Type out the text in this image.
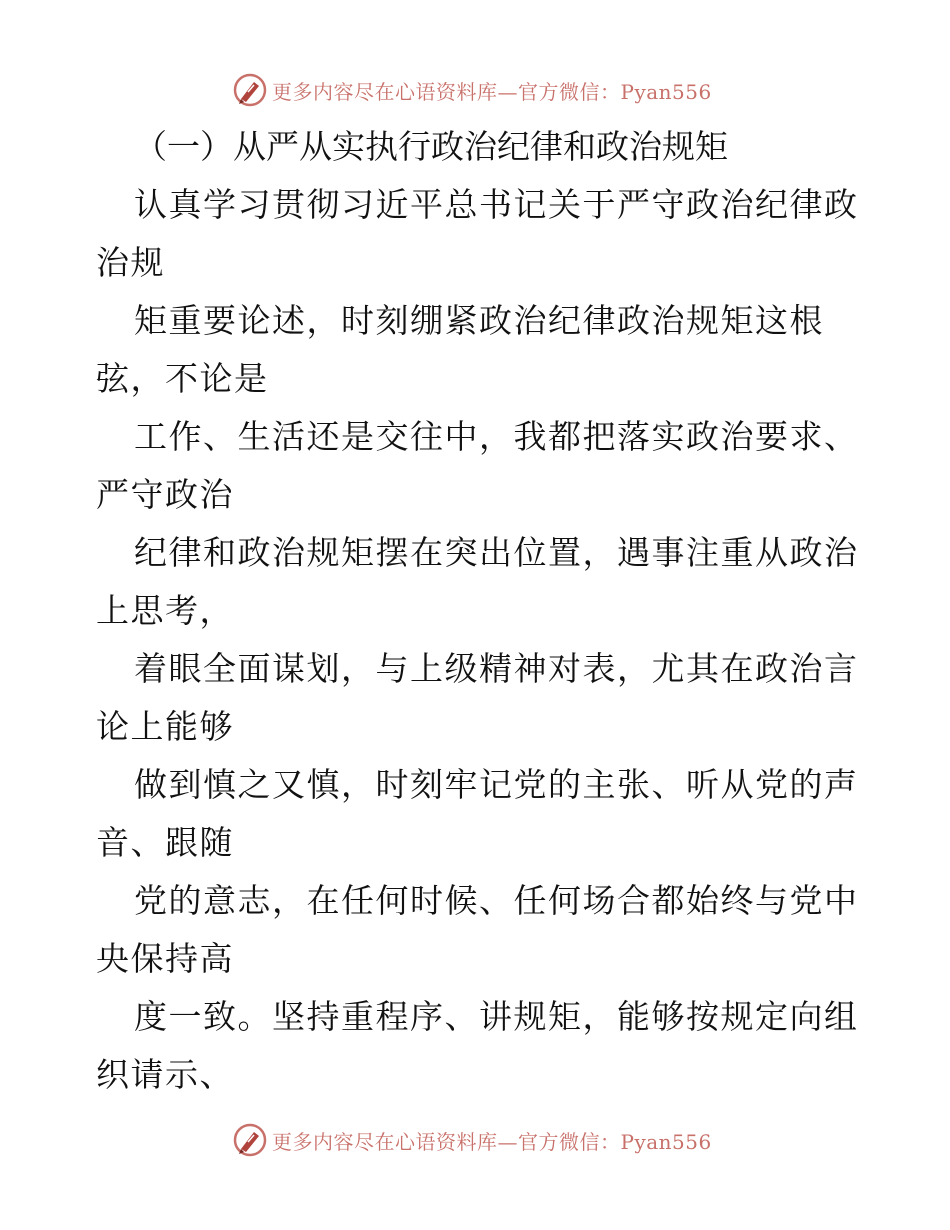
更多内容尽在心语资料库—官方微信：Pyan556
（一）从严从实执行政治纪律和政治规矩

认真学习贯彻习近平总书记关于严守政治纪律政
治规

矩重要论述，时刻绷紧政治纪律政治规矩这根
弦，不论是

工作、生活还是交往中，我都把落实政治要求、
严守政治

纪律和政治规矩摆在突出位置，遇事注重从政治
上思考，

着眼全面谋划，与上级精神对表，尤其在政治言
论上能够

做到慎之又慎，时刻牢记党的主张、听从党的声
音、跟随

党的意志，在任何时候、任何场合都始终与党中
央保持高

度一致。坚持重程序、讲规矩，能够按规定向组
织请示、

更多内容尽在心语资料库—官方微信：Pyan556
